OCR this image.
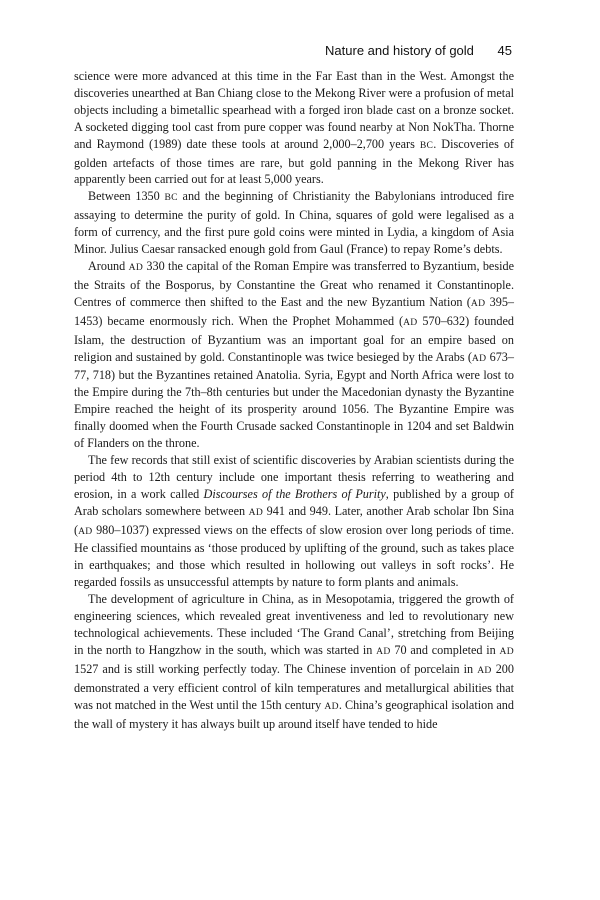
Nature and history of gold 45

science were more advanced at this time in the Far East than in the West. Amongst the discoveries unearthed at Ban Chiang close to the Mekong River were a profusion of metal objects including a bimetallic spearhead with a forged iron blade cast on a bronze socket. A socketed digging tool cast from pure copper was found nearby at Non NokTha. Thorne and Raymond (1989) date these tools at around 2,000–2,700 years BC. Discoveries of golden artefacts of those times are rare, but gold panning in the Mekong River has apparently been carried out for at least 5,000 years.

Between 1350 BC and the beginning of Christianity the Babylonians introduced fire assaying to determine the purity of gold. In China, squares of gold were legalised as a form of currency, and the first pure gold coins were minted in Lydia, a kingdom of Asia Minor. Julius Caesar ransacked enough gold from Gaul (France) to repay Rome’s debts.

Around AD 330 the capital of the Roman Empire was transferred to Byzantium, beside the Straits of the Bosporus, by Constantine the Great who renamed it Constantinople. Centres of commerce then shifted to the East and the new Byzantium Nation (AD 395–1453) became enormously rich. When the Prophet Mohammed (AD 570–632) founded Islam, the destruction of Byzantium was an important goal for an empire based on religion and sustained by gold. Constantinople was twice besieged by the Arabs (AD 673–77, 718) but the Byzantines retained Anatolia. Syria, Egypt and North Africa were lost to the Empire during the 7th–8th centuries but under the Macedonian dynasty the Byzantine Empire reached the height of its prosperity around 1056. The Byzantine Empire was finally doomed when the Fourth Crusade sacked Constantinople in 1204 and set Baldwin of Flanders on the throne.

The few records that still exist of scientific discoveries by Arabian scientists during the period 4th to 12th century include one important thesis referring to weathering and erosion, in a work called Discourses of the Brothers of Purity, published by a group of Arab scholars somewhere between AD 941 and 949. Later, another Arab scholar Ibn Sina (AD 980–1037) expressed views on the effects of slow erosion over long periods of time. He classified mountains as ‘those produced by uplifting of the ground, such as takes place in earthquakes; and those which resulted in hollowing out valleys in soft rocks’. He regarded fossils as unsuccessful attempts by nature to form plants and animals.

The development of agriculture in China, as in Mesopotamia, triggered the growth of engineering sciences, which revealed great inventiveness and led to revolutionary new technological achievements. These included ‘The Grand Canal’, stretching from Beijing in the north to Hangzhow in the south, which was started in AD 70 and completed in AD 1527 and is still working perfectly today. The Chinese invention of porcelain in AD 200 demonstrated a very efficient control of kiln temperatures and metallurgical abilities that was not matched in the West until the 15th century AD. China’s geographical isolation and the wall of mystery it has always built up around itself have tended to hide
